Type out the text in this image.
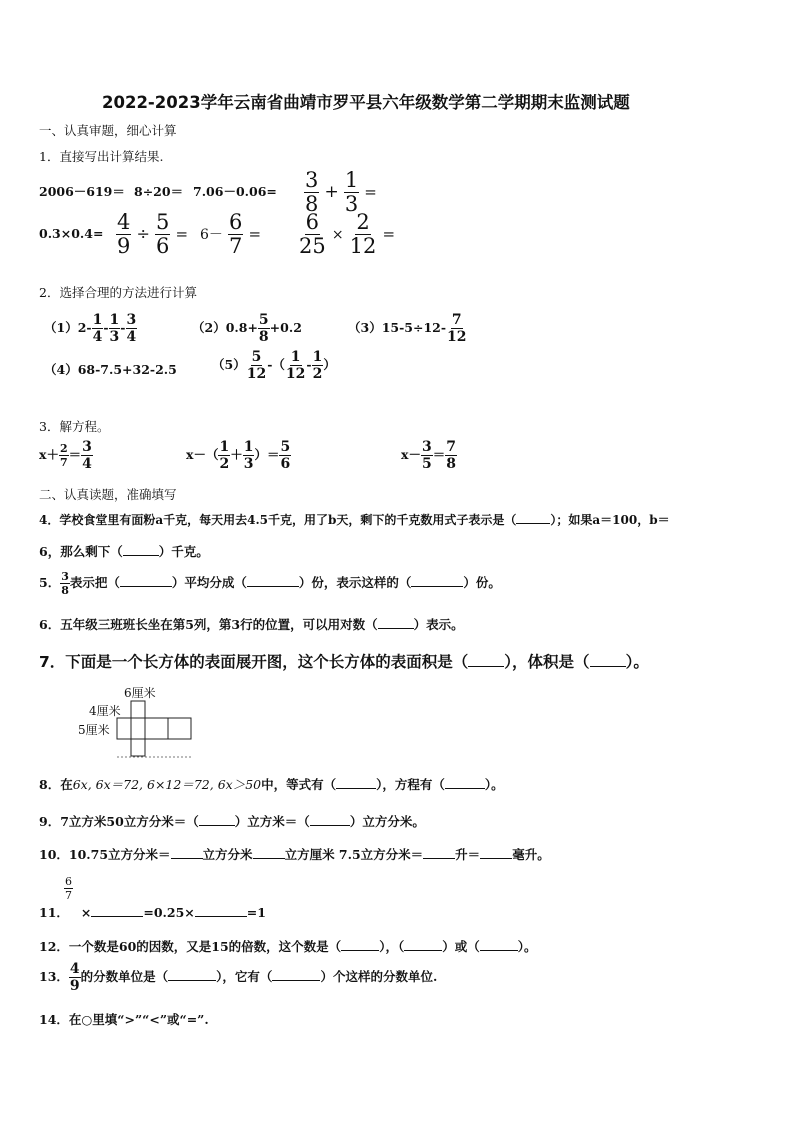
2022-2023学年云南省曲靖市罗平县六年级数学第二学期期末监测试题
一、认真审题，细心计算
1．直接写出计算结果.
$2006-619= 8\div 20= 7.06-0.06= \frac{3}{8} + \frac{1}{3}$ =
$0.3\times 0.4= \frac{4}{9} \div \frac{5}{6} = 6- \frac{6}{7} = \frac{6}{25} \times \frac{2}{12}$ =
2．选择合理的方法进行计算
$(1)2- \frac{1}{4} - \frac{1}{3} - \frac{3}{4}$	$(2)0.8+ \frac{5}{8} +0.2$	$(3)15-5\div 12- \frac{7}{12}$
（4）68-7.5+32-2.5	$(5) \frac{5}{12}$ -（ $\frac{1}{12} - \frac{1}{2}$ ）
3．解方程。
$x+ \frac{2}{7} = \frac{3}{4}$	$x-( \frac{1}{2} + \frac{1}{3}$ ）＝ $\frac{5}{6}$	$x- \frac{3}{5} = \frac{7}{8}$
二、认真读题，准确填写
4．学校食堂里有面粉a千克，每天用去4.5千克，用了b天，剩下的千克数用式子表示是（	）；如果a＝100，b＝
6，那么剩下（	）千克。
5． $\frac{3}{8}$ 表示把（	）平均分成（	）份，表示这样的（	）份。
6．五年级三班班长坐在第5列，第3行的位置，可以用对数（	）表示。
7．下面是一个长方体的表面展开图，这个长方体的表面积是（ ），体积是（ ）。
6厘米
4厘米
5厘米
8．在6x, 6x＝72, 6×12＝72, 6x＞50中，等式有（	），方程有（	）。
9．7立方米50立方分米＝（	）立方米＝（	）立方分米。
10．10.75立方分米＝	立方分米	立方厘米 7.5立方分米＝	升＝	毫升。
$\frac{6}{7}$
11． ×	=0.25×	=1
12．一个数是60的因数，又是15的倍数，这个数是（	），（	）或（	）。
13． $\frac{4}{9}$ 的分数单位是（	），它有（	）个这样的分数单位.
14．在○里填“>”“<”或“=”.
